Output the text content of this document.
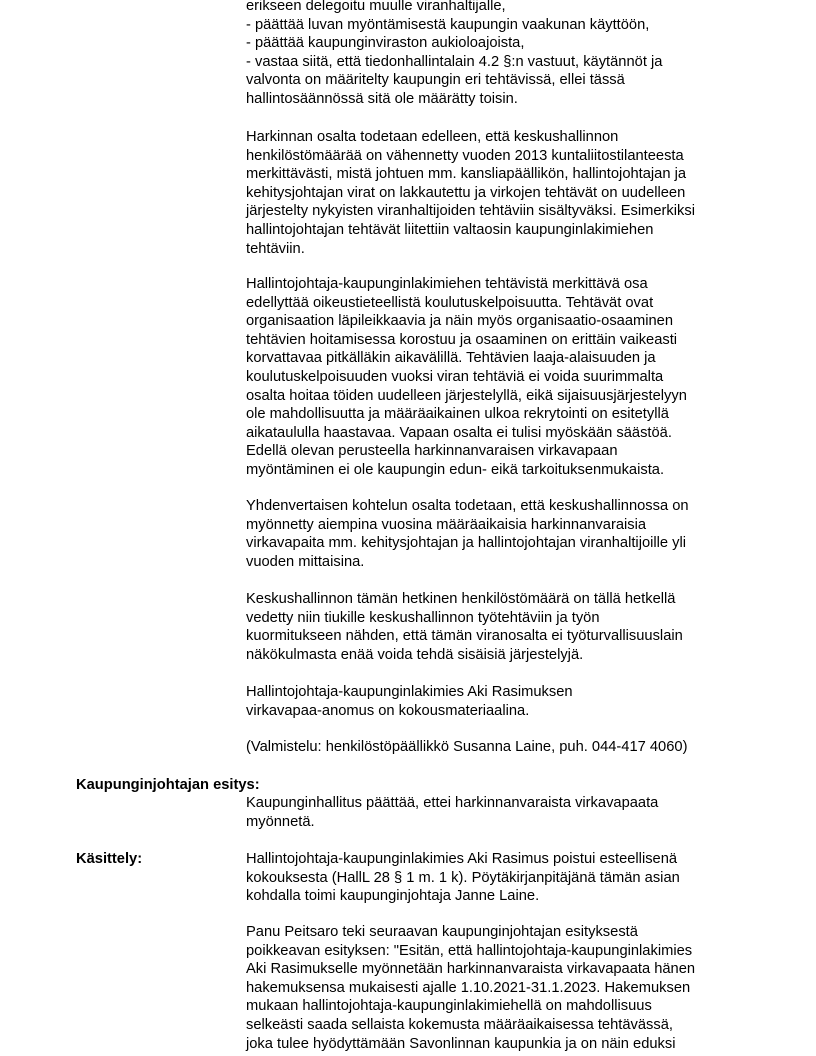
erikseen delegoitu muulle viranhaltijalle,
- päättää luvan myöntämisestä kaupungin vaakunan käyttöön,
- päättää kaupunginviraston aukioloajoista,
- vastaa siitä, että tiedonhallintalain 4.2 §:n vastuut, käytännöt ja
valvonta on määritelty kaupungin eri tehtävissä, ellei tässä
hallintosäännössä sitä ole määrätty toisin.
Harkinnan osalta todetaan edelleen, että keskushallinnon
henkilöstömäärää on vähennetty vuoden 2013 kuntaliitostilanteesta
merkittävästi, mistä johtuen mm. kansliapäällikön, hallintojohtajan ja
kehitysjohtajan virat on lakkautettu ja virkojen tehtävät on uudelleen
järjestelty nykyisten viranhaltijoiden tehtäviin sisältyväksi. Esimerkiksi
hallintojohtajan tehtävät liitettiin valtaosin kaupunginlakimiehen
tehtäviin.
Hallintojohtaja-kaupunginlakimiehen tehtävistä merkittävä osa
edellyttää oikeustieteellistä koulutuskelpoisuutta. Tehtävät ovat
organisaation läpileikkaavia ja näin myös organisaatio-osaaminen
tehtävien hoitamisessa korostuu ja osaaminen on erittäin vaikeasti
korvattavaa pitkälläkin aikavälillä. Tehtävien laaja-alaisuuden ja
koulutuskelpoisuuden vuoksi viran tehtäviä ei voida suurimmalta
osalta hoitaa töiden uudelleen järjestelyllä, eikä sijaisuusjärjestelyyn
ole mahdollisuutta ja määräaikainen ulkoa rekrytointi on esitetyllä
aikataululla haastavaa. Vapaan osalta ei tulisi myöskään säästöä.
Edellä olevan perusteella harkinnanvaraisen virkavapaan
myöntäminen ei ole kaupungin edun- eikä tarkoituksenmukaista.
Yhdenvertaisen kohtelun osalta todetaan, että keskushallinnossa on
myönnetty aiempina vuosina määräaikaisia harkinnanvaraisia
virkavapaita mm. kehitysjohtajan ja hallintojohtajan viranhaltijoille yli
vuoden mittaisina.
Keskushallinnon tämän hetkinen henkilöstömäärä on tällä hetkellä
vedetty niin tiukille keskushallinnon työtehtäviin ja työn
kuormitukseen nähden, että tämän viranosalta ei työturvallisuuslain
näkökulmasta enää voida tehdä sisäisiä järjestelyjä.
Hallintojohtaja-kaupunginlakimies Aki Rasimuksen
virkavapaa-anomus on kokousmateriaalina.
(Valmistelu: henkilöstöpäällikkö Susanna Laine, puh. 044-417 4060)
Kaupunginjohtajan esitys:
Kaupunginhallitus päättää, ettei harkinnanvaraista virkavapaata
myönnetä.
Käsittely:	Hallintojohtaja-kaupunginlakimies Aki Rasimus poistui esteellisenä
kokouksesta (HallL 28 § 1 m. 1 k). Pöytäkirjanpitäjänä tämän asian
kohdalla toimi kaupunginjohtaja Janne Laine.
Panu Peitsaro teki seuraavan kaupunginjohtajan esityksestä
poikkeavan esityksen: "Esitän, että hallintojohtaja-kaupunginlakimies
Aki Rasimukselle myönnetään harkinnanvaraista virkavapaata hänen
hakemuksensa mukaisesti ajalle 1.10.2021-31.1.2023. Hakemuksen
mukaan hallintojohtaja-kaupunginlakimiehellä on mahdollisuus
selkeästi saada sellaista kokemusta määräaikaisessa tehtävässä,
joka tulee hyödyttämään Savonlinnan kaupunkia ja on näin eduksi
